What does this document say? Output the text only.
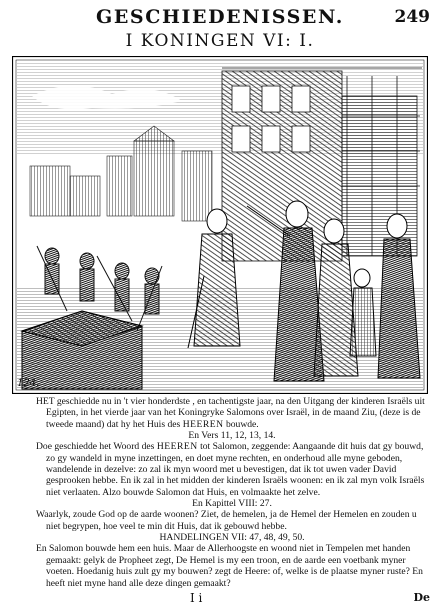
GESCHIEDENISSEN.	249
I KONINGEN VI: I.
124.

HET geschiedde nu in 't vier honderdste , en tachentigste jaar, na den Uitgang der kinderen Israëls uit Egipten, in het vierde jaar van het Koningryke Salomons over Israël, in de maand Ziu, (deze is de tweede maand) dat hy het Huis des HEEREN bouwde.

En Vers 11, 12, 13, 14.

Doe geschiedde het Woord des HEEREN tot Salomon, zeggende: Aangaande dit huis dat gy bouwd, zo gy wandeld in myne inzettingen, en doet myne rechten, en onderhoud alle myne geboden, wandelende in dezelve: zo zal ik myn woord met u bevestigen, dat ik tot uwen vader David gesprooken hebbe. En ik zal in het midden der kinderen Israëls woonen: en ik zal myn volk Israëls niet verlaaten. Alzo bouwde Salomon dat Huis, en volmaakte het zelve.

En Kapittel VIII: 27.

Waarlyk, zoude God op de aarde woonen? Ziet, de hemelen, ja de Hemel der Hemelen en zouden u niet begrypen, hoe veel te min dit Huis, dat ik gebouwd hebbe.

HANDELINGEN VII: 47, 48, 49, 50.

En Salomon bouwde hem een huis. Maar de Allerhoogste en woond niet in Tempelen met handen gemaakt: gelyk de Propheet zegt, De Hemel is my een troon, en de aarde een voetbank myner voeten. Hoedanig huis zult gy my bouwen? zegt de Heere: of, welke is de plaatse myner ruste? En heeft niet myne hand alle deze dingen gemaakt?

I i	De
